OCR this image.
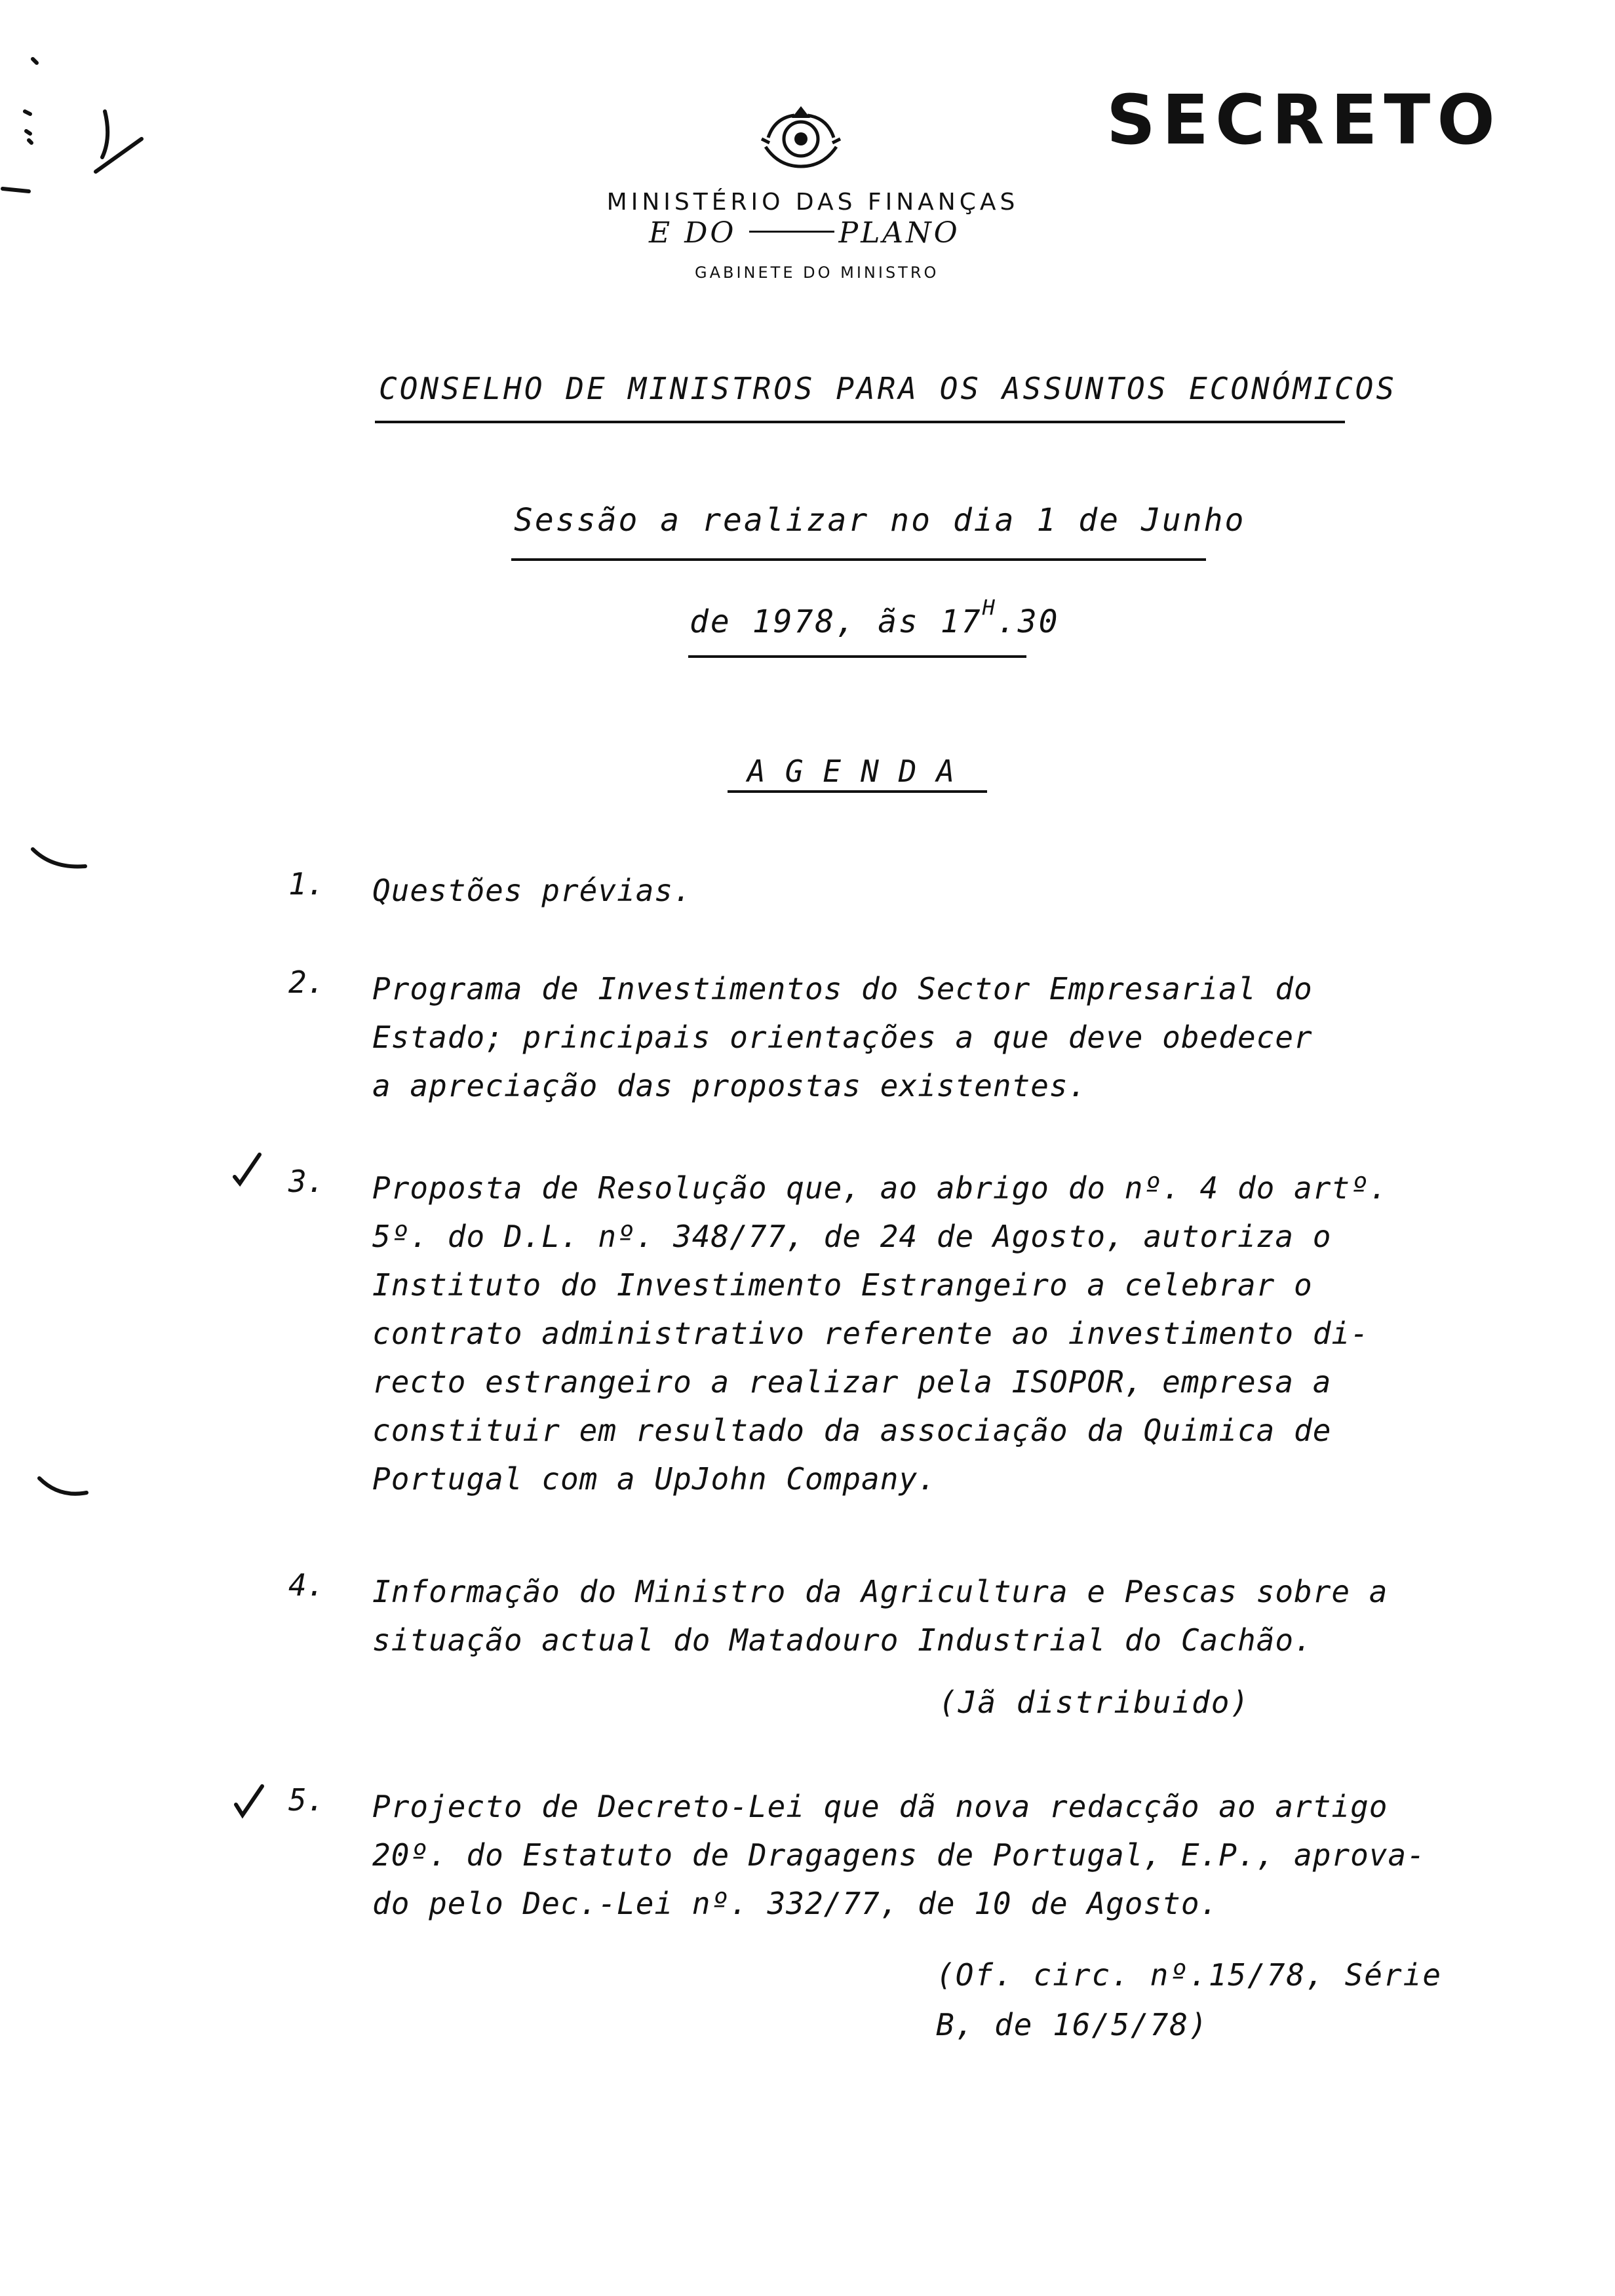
SECRETO
MINISTÉRIO DAS FINANÇAS
E DO	PLANO
GABINETE DO MINISTRO
CONSELHO DE MINISTROS PARA OS ASSUNTOS ECONÓMICOS
Sessão a realizar no dia 1 de Junho
de 1978, ãs $17^H.30$
AGENDA
1. Questões prévias.
2. Programa de Investimentos do Sector Empresarial do
Estado; principais orientações a que deve obedecer
a apreciação das propostas existentes.
3. Proposta de Resolução que, ao abrigo do nº. 4 do artº.
5º. do D.L. nº. 348/77, de 24 de Agosto, autoriza o
Instituto do Investimento Estrangeiro a celebrar o
contrato administrativo referente ao investimento di-
recto estrangeiro a realizar pela ISOPOR, empresa a
constituir em resultado da associação da Quimica de
Portugal com a UpJohn Company.
4. Informação do Ministro da Agricultura e Pescas sobre a
situação actual do Matadouro Industrial do Cachão.
(Jã distribuido)
5. Projecto de Decreto-Lei que dã nova redacção ao artigo
20º. do Estatuto de Dragagens de Portugal, E.P., aprova-
do pelo Dec.-Lei nº. 332/77, de 10 de Agosto.
(Of. circ. nº.15/78, Série
B, de 16/5/78)
